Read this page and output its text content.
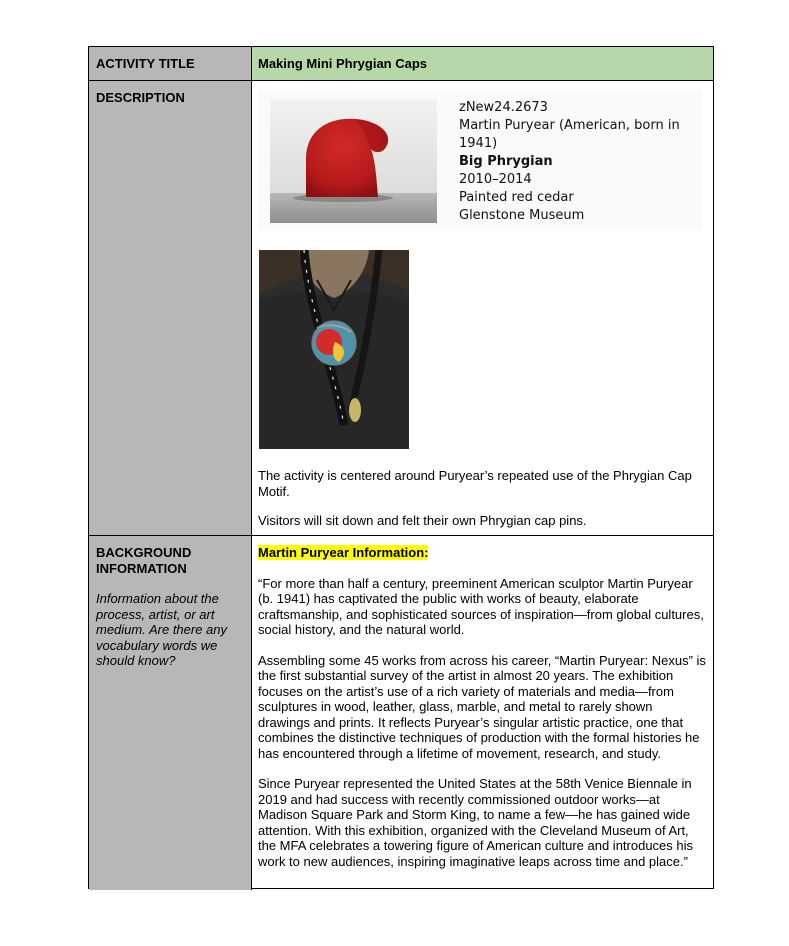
ACTIVITY TITLE	Making Mini Phrygian Caps
DESCRIPTION
zNew24.2673
Martin Puryear (American, born in 1941)
Big Phrygian
2010–2014
Painted red cedar
Glenstone Museum

The activity is centered around Puryear’s repeated use of the Phrygian Cap Motif.

Visitors will sit down and felt their own Phrygian cap pins.

BACKGROUND INFORMATION
Information about the process, artist, or art medium. Are there any vocabulary words we should know?
Martin Puryear Information:

“For more than half a century, preeminent American sculptor Martin Puryear (b. 1941) has captivated the public with works of beauty, elaborate craftsmanship, and sophisticated sources of inspiration—from global cultures, social history, and the natural world.

Assembling some 45 works from across his career, “Martin Puryear: Nexus” is the first substantial survey of the artist in almost 20 years. The exhibition focuses on the artist’s use of a rich variety of materials and media—from sculptures in wood, leather, glass, marble, and metal to rarely shown drawings and prints. It reflects Puryear’s singular artistic practice, one that combines the distinctive techniques of production with the formal histories he has encountered through a lifetime of movement, research, and study.

Since Puryear represented the United States at the 58th Venice Biennale in 2019 and had success with recently commissioned outdoor works—at Madison Square Park and Storm King, to name a few—he has gained wide attention. With this exhibition, organized with the Cleveland Museum of Art, the MFA celebrates a towering figure of American culture and introduces his work to new audiences, inspiring imaginative leaps across time and place.”
